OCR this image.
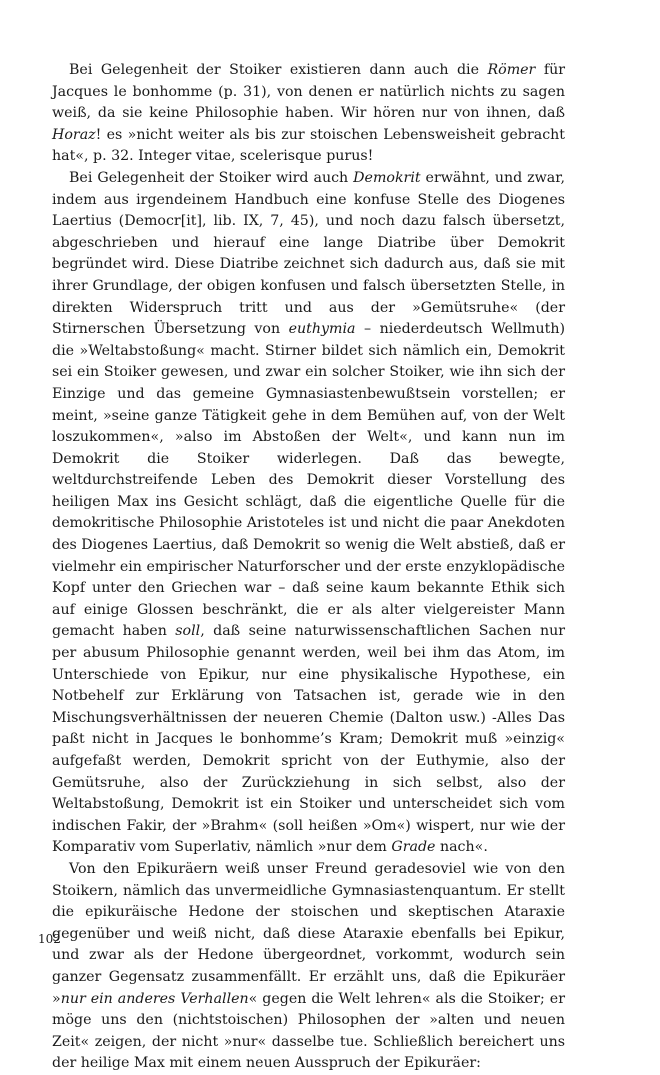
Bei Gelegenheit der Stoiker existieren dann auch die Römer für Jacques le bonhomme (p. 31), von denen er natürlich nichts zu sagen weiß, da sie keine Philosophie haben. Wir hören nur von ihnen, daß Horaz! es »nicht weiter als bis zur stoischen Lebensweisheit gebracht hat«, p. 32. Integer vitae, scelerisque purus!

Bei Gelegenheit der Stoiker wird auch Demokrit erwähnt, und zwar, indem aus irgendeinem Handbuch eine konfuse Stelle des Diogenes Laertius (Democr[it], lib. IX, 7, 45), und noch dazu falsch übersetzt, abgeschrieben und hierauf eine lange Diatribe über Demokrit begründet wird. Diese Diatribe zeichnet sich dadurch aus, daß sie mit ihrer Grundlage, der obigen konfusen und falsch übersetzten Stelle, in direkten Widerspruch tritt und aus der »Gemütsruhe« (der Stirnerschen Übersetzung von euthymia – niederdeutsch Wellmuth) die »Weltabstoßung« macht. Stirner bildet sich nämlich ein, Demokrit sei ein Stoiker gewesen, und zwar ein solcher Stoiker, wie ihn sich der Einzige und das gemeine Gymnasiastenbewußtsein vorstellen; er meint, »seine ganze Tätigkeit gehe in dem Bemühen auf, von der Welt loszukommen«, »also im Abstoßen der Welt«, und kann nun im Demokrit die Stoiker widerlegen. Daß das bewegte, weltdurchstreifende Leben des Demokrit dieser Vorstellung des heiligen Max ins Gesicht schlägt, daß die eigentliche Quelle für die demokritische Philosophie Aristoteles ist und nicht die paar Anekdoten des Diogenes Laertius, daß Demokrit so wenig die Welt abstieß, daß er vielmehr ein empirischer Naturforscher und der erste enzyklopädische Kopf unter den Griechen war – daß seine kaum bekannte Ethik sich auf einige Glossen beschränkt, die er als alter vielgereister Mann gemacht haben soll, daß seine naturwissenschaftlichen Sachen nur per abusum Philosophie genannt werden, weil bei ihm das Atom, im Unterschiede von Epikur, nur eine physikalische Hypothese, ein Notbehelf zur Erklärung von Tatsachen ist, gerade wie in den Mischungsverhältnissen der neueren Chemie (Dalton usw.) -Alles Das paßt nicht in Jacques le bonhomme’s Kram; Demokrit muß »einzig« aufgefaßt werden, Demokrit spricht von der Euthymie, also der Gemütsruhe, also der Zurückziehung in sich selbst, also der Weltabstoßung, Demokrit ist ein Stoiker und unterscheidet sich vom indischen Fakir, der »Brahm« (soll heißen »Om«) wispert, nur wie der Komparativ vom Superlativ, nämlich »nur dem Grade nach«.

Von den Epikuräern weiß unser Freund geradesoviel wie von den Stoikern, nämlich das unvermeidliche Gymnasiastenquantum. Er stellt die epikuräische Hedone der stoischen und skeptischen Ataraxie gegenüber und weiß nicht, daß diese Ataraxie ebenfalls bei Epikur, und zwar als der Hedone übergeordnet, vorkommt, wodurch sein ganzer Gegensatz zusammenfällt. Er erzählt uns, daß die Epikuräer »nur ein anderes Verhallen« gegen die Welt lehren« als die Stoiker; er möge uns den (nichtstoischen) Philosophen der »alten und neuen Zeit« zeigen, der nicht »nur« dasselbe tue. Schließlich bereichert uns der heilige Max mit einem neuen Ausspruch der Epikuräer:

102
